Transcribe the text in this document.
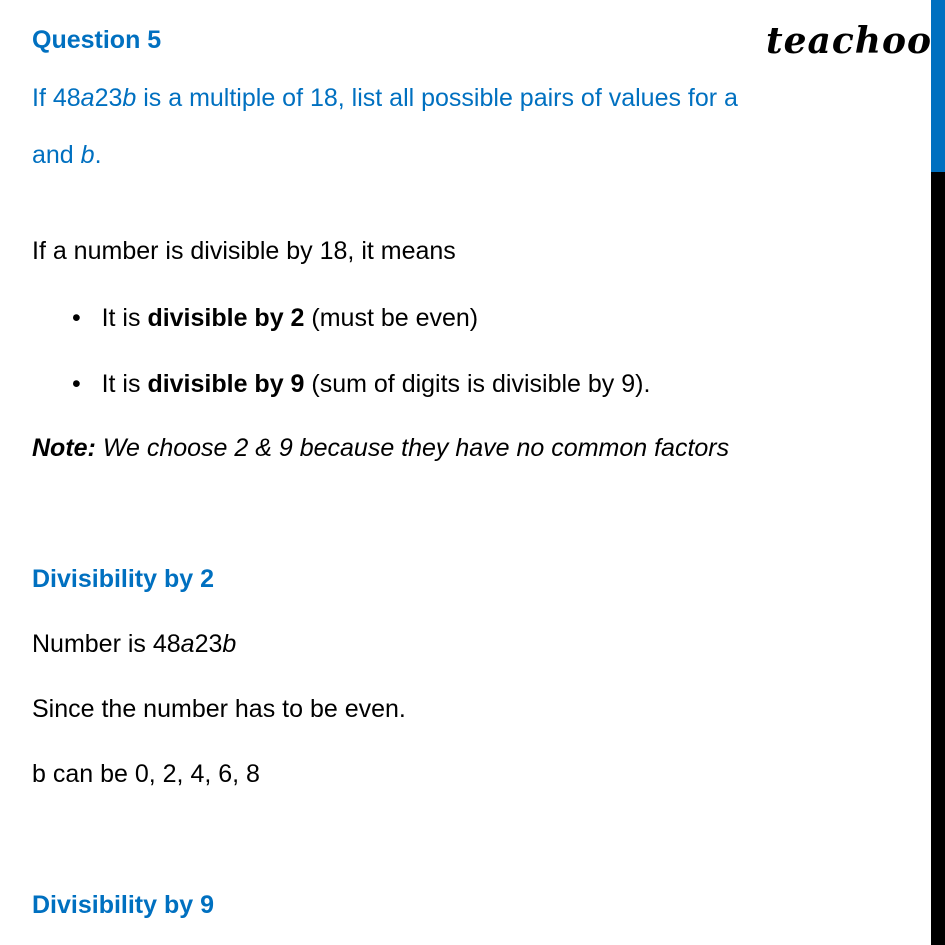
teachoo
Question 5
If 48a23b is a multiple of 18, list all possible pairs of values for a
and b.
If a number is divisible by 18, it means
•   It is divisible by 2 (must be even)
•   It is divisible by 9 (sum of digits is divisible by 9).
Note: We choose 2 & 9 because they have no common factors
Divisibility by 2
Number is 48a23b
Since the number has to be even.
b can be 0, 2, 4, 6, 8
Divisibility by 9
